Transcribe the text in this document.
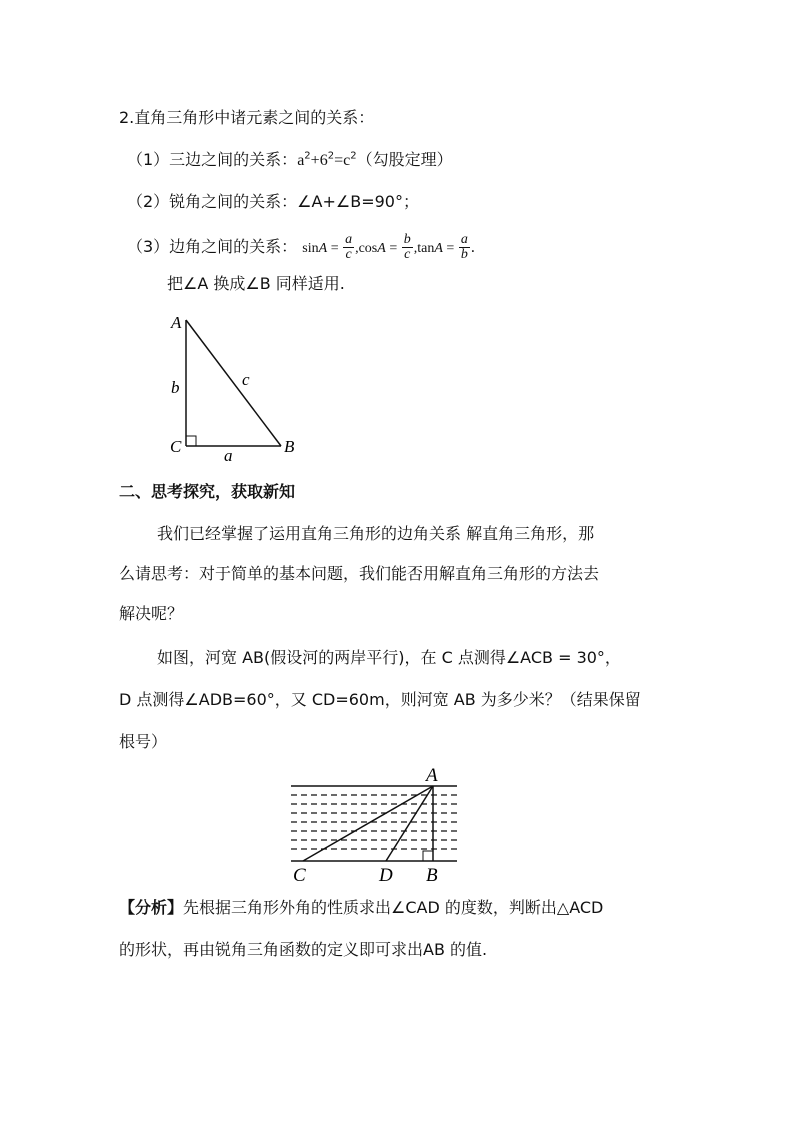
2.直角三角形中诸元素之间的关系：
（1）三边之间的关系：$a^2+6^2=c^2$（勾股定理）
（2）锐角之间的关系：∠A+∠B=90°；
（3）边角之间的关系： $\sin A = \frac{a}{c} ,\cos A = \frac{b}{c} ,\tan A = \frac{a}{b}$ .
把∠A 换成∠B 同样适用.
A
C	B
b	c
a
二、思考探究，获取新知
我们已经掌握了运用直角三角形的边角关系 解直角三角形，那
么请思考：对于简单的基本问题，我们能否用解直角三角形的方法去
解决呢？
如图，河宽 AB(假设河的两岸平行)，在 C 点测得∠ACB = 30°，
D 点测得∠ADB=60°，又 CD=60m，则河宽 AB 为多少米？（结果保留
根号）
A
C	D B
【分析】先根据三角形外角的性质求出∠CAD 的度数，判断出△ACD
的形状，再由锐角三角函数的定义即可求出AB 的值.
